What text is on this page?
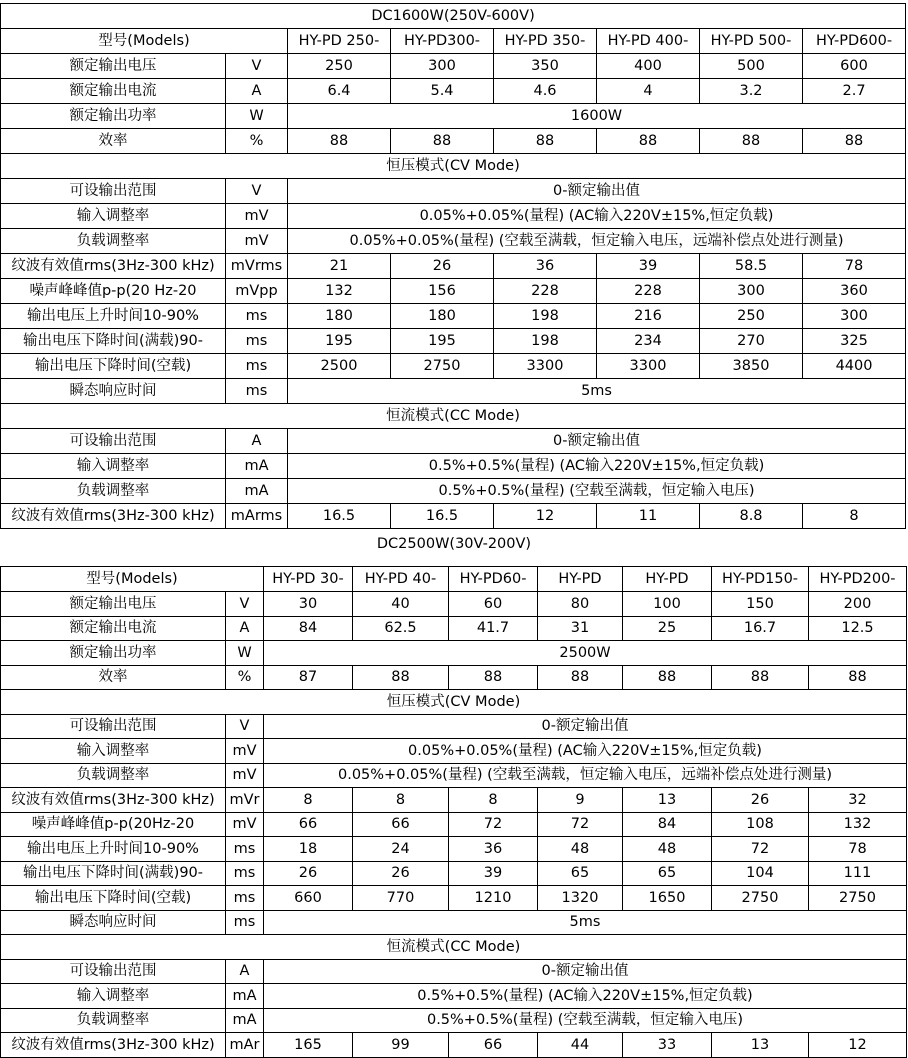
DC1600W(250V-600V)							
型号(Models)		HY-PD 250-	HY-PD300-	HY-PD 350-	HY-PD 400-	HY-PD 500-	HY-PD600-
额定输出电压	V	250	300	350	400	500	600
额定输出电流	A	6.4	5.4	4.6	4	3.2	2.7
额定输出功率	W	1600W					
效率	%	88	88	88	88	88	88
恒压模式(CV Mode)							
可设输出范围	V	0-额定输出值					
输入调整率	mV	0.05%+0.05%(量程) (AC输入220V±15%,恒定负载)					
负载调整率	mV	0.05%+0.05%(量程) (空载至满载，恒定输入电压，远端补偿点处进行测量)					
纹波有效值rms(3Hz-300 kHz)	mVrms	21	26	36	39	58.5	78
噪声峰峰值p-p(20 Hz-20	mVpp	132	156	228	228	300	360
输出电压上升时间10-90%	ms	180	180	198	216	250	300
输出电压下降时间(满载)90-	ms	195	195	198	234	270	325
输出电压下降时间(空载)	ms	2500	2750	3300	3300	3850	4400
瞬态响应时间	ms	5ms					
恒流模式(CC Mode)							
可设输出范围	A	0-额定输出值					
输入调整率	mA	0.5%+0.5%(量程) (AC输入220V±15%,恒定负载)					
负载调整率	mA	0.5%+0.5%(量程) (空载至满载，恒定输入电压)					
纹波有效值rms(3Hz-300 kHz)	mArms	16.5	16.5	12	11	8.8	8
DC2500W(30V-200V)
型号(Models)		HY-PD 30-	HY-PD 40-	HY-PD60-	HY-PD	HY-PD	HY-PD150-	HY-PD200-
额定输出电压	V	30	40	60	80	100	150	200
额定输出电流	A	84	62.5	41.7	31	25	16.7	12.5
额定输出功率	W	2500W						
效率	%	87	88	88	88	88	88	88
恒压模式(CV Mode)								
可设输出范围	V	0-额定输出值						
输入调整率	mV	0.05%+0.05%(量程) (AC输入220V±15%,恒定负载)						
负载调整率	mV	0.05%+0.05%(量程) (空载至满载，恒定输入电压，远端补偿点处进行测量)						
纹波有效值rms(3Hz-300 kHz)	mVr	8	8	8	9	13	26	32
噪声峰峰值p-p(20Hz-20	mV	66	66	72	72	84	108	132
输出电压上升时间10-90%	ms	18	24	36	48	48	72	78
输出电压下降时间(满载)90-	ms	26	26	39	65	65	104	111
输出电压下降时间(空载)	ms	660	770	1210	1320	1650	2750	2750
瞬态响应时间	ms	5ms						
恒流模式(CC Mode)								
可设输出范围	A	0-额定输出值						
输入调整率	mA	0.5%+0.5%(量程) (AC输入220V±15%,恒定负载)						
负载调整率	mA	0.5%+0.5%(量程) (空载至满载，恒定输入电压)						
纹波有效值rms(3Hz-300 kHz)	mAr	165	99	66	44	33	13	12
